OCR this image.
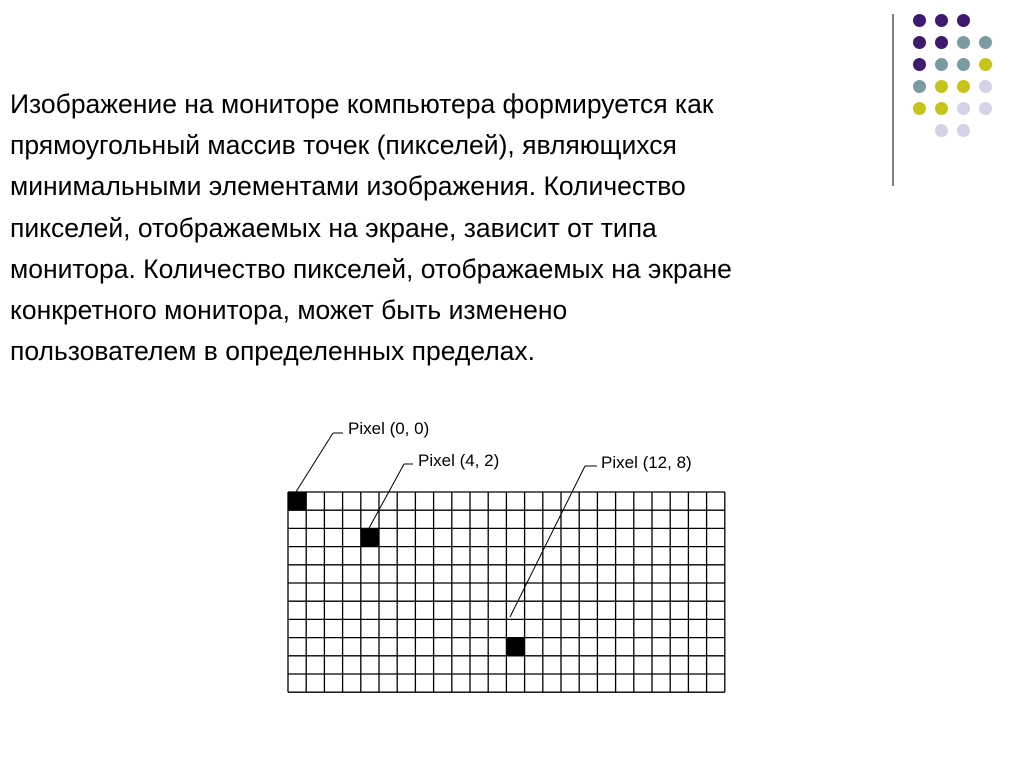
Изображение на мониторе компьютера формируется как
прямоугольный массив точек (пикселей), являющихся
минимальными элементами изображения. Количество
пикселей, отображаемых на экране, зависит от типа
монитора. Количество пикселей, отображаемых на экране
конкретного монитора, может быть изменено
пользователем в определенных пределах.
Pixel (0, 0)
Pixel (4, 2)	Pixel (12, 8)
